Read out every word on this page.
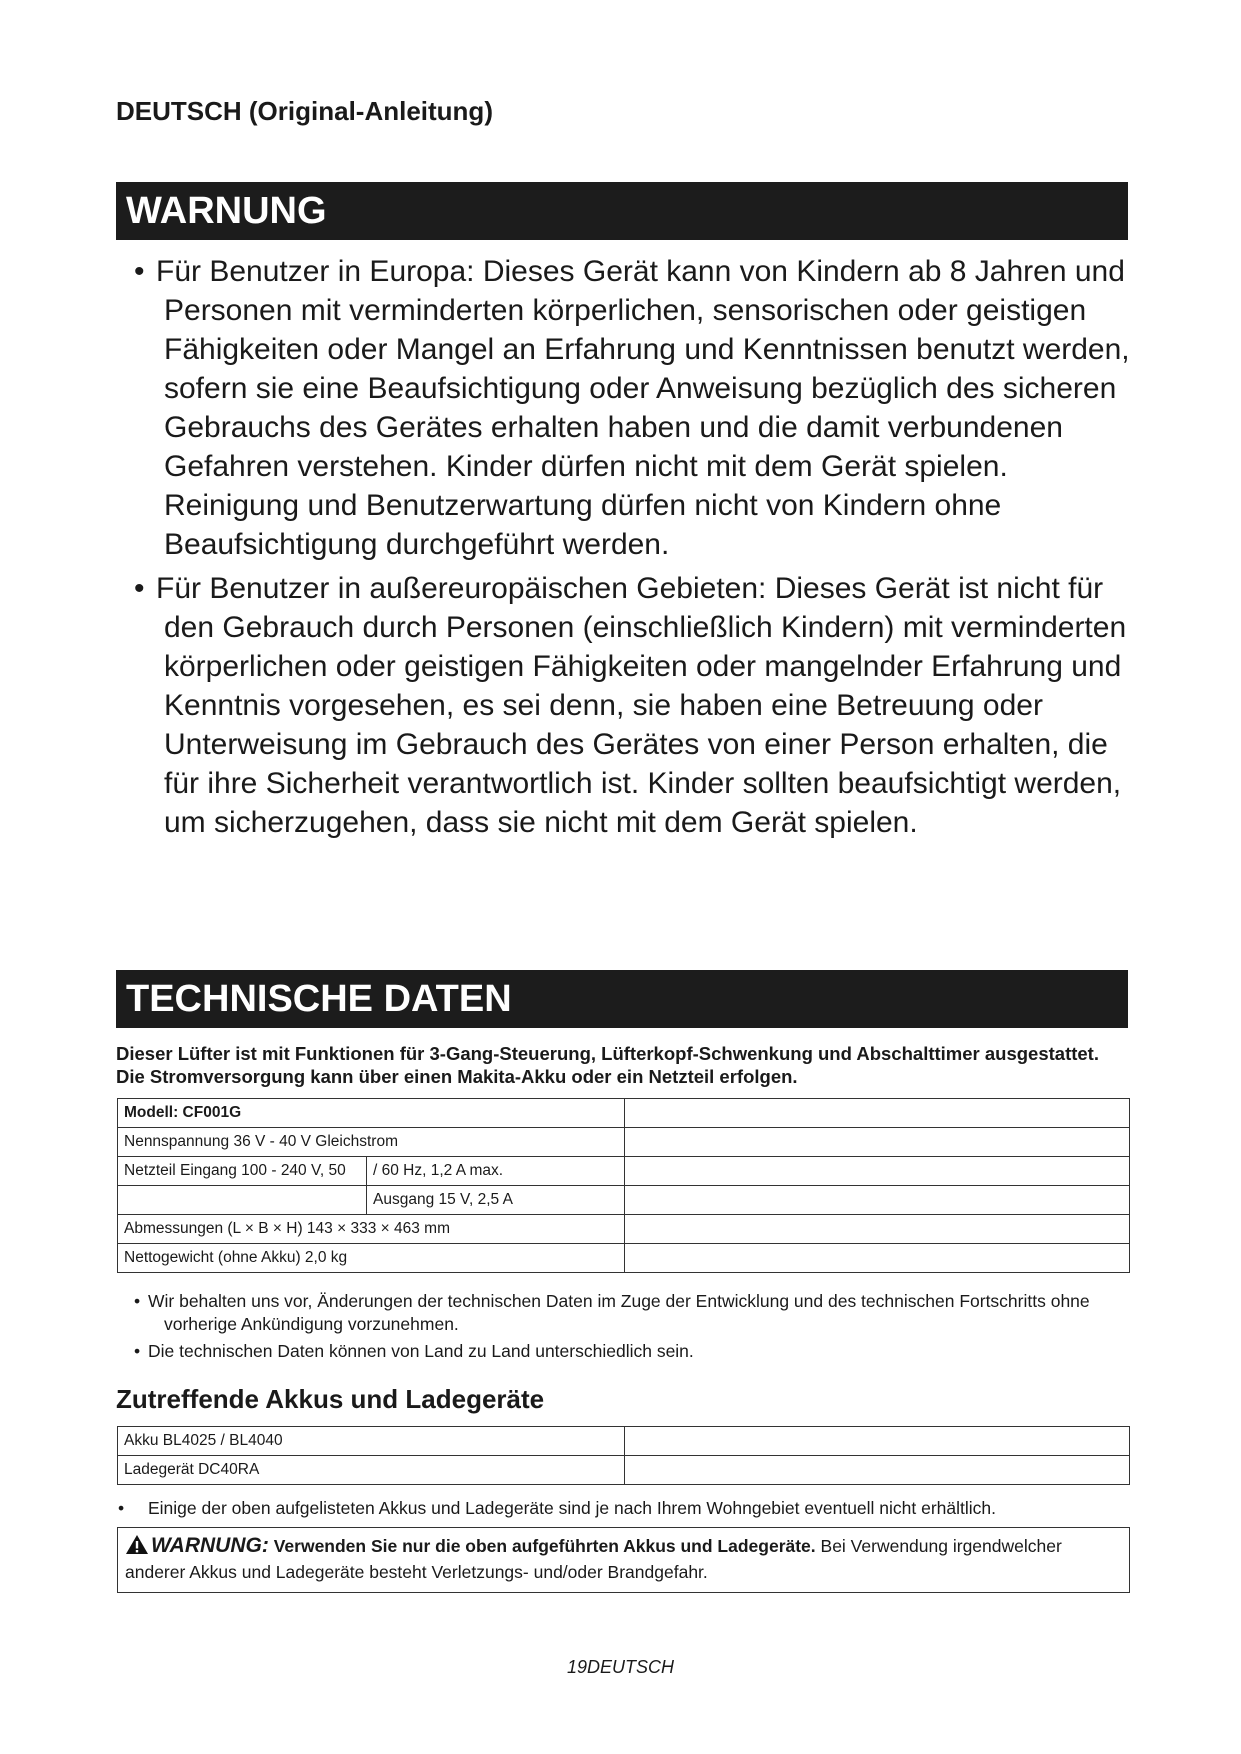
DEUTSCH (Original-Anleitung)
WARNUNG
• Für Benutzer in Europa: Dieses Gerät kann von Kindern ab 8 Jahren und Personen mit verminderten körperlichen, sensorischen oder geistigen Fähigkeiten oder Mangel an Erfahrung und Kenntnissen benutzt werden, sofern sie eine Beaufsichtigung oder Anweisung bezüglich des sicheren Gebrauchs des Gerätes erhalten haben und die damit verbundenen Gefahren verstehen. Kinder dürfen nicht mit dem Gerät spielen. Reinigung und Benutzerwartung dürfen nicht von Kindern ohne Beaufsichtigung durchgeführt werden.
• Für Benutzer in außereuropäischen Gebieten: Dieses Gerät ist nicht für den Gebrauch durch Personen (einschließlich Kindern) mit verminderten körperlichen oder geistigen Fähigkeiten oder mangelnder Erfahrung und Kenntnis vorgesehen, es sei denn, sie haben eine Betreuung oder Unterweisung im Gebrauch des Gerätes von einer Person erhalten, die für ihre Sicherheit verantwortlich ist. Kinder sollten beaufsichtigt werden, um sicherzugehen, dass sie nicht mit dem Gerät spielen.
TECHNISCHE DATEN
Dieser Lüfter ist mit Funktionen für 3-Gang-Steuerung, Lüfterkopf-Schwenkung und Abschalttimer ausgestattet. Die Stromversorgung kann über einen Makita-Akku oder ein Netzteil erfolgen.
Modell: CF001G		
Nennspannung 36 V - 40 V Gleichstrom		
Netzteil Eingang 100 - 240 V, 50	/ 60 Hz, 1,2 A max.	
	Ausgang 15 V, 2,5 A	
Abmessungen (L × B × H) 143 × 333 × 463 mm		
Nettogewicht (ohne Akku) 2,0 kg		
• Wir behalten uns vor, Änderungen der technischen Daten im Zuge der Entwicklung und des technischen Fortschritts ohne vorherige Ankündigung vorzunehmen.
• Die technischen Daten können von Land zu Land unterschiedlich sein.
Zutreffende Akkus und Ladegeräte
Akku BL4025 / BL4040	
Ladegerät DC40RA	
• Einige der oben aufgelisteten Akkus und Ladegeräte sind je nach Ihrem Wohngebiet eventuell nicht erhältlich.
WARNUNG: Verwenden Sie nur die oben aufgeführten Akkus und Ladegeräte. Bei Verwendung irgendwelcher anderer Akkus und Ladegeräte besteht Verletzungs- und/oder Brandgefahr.
19DEUTSCH
